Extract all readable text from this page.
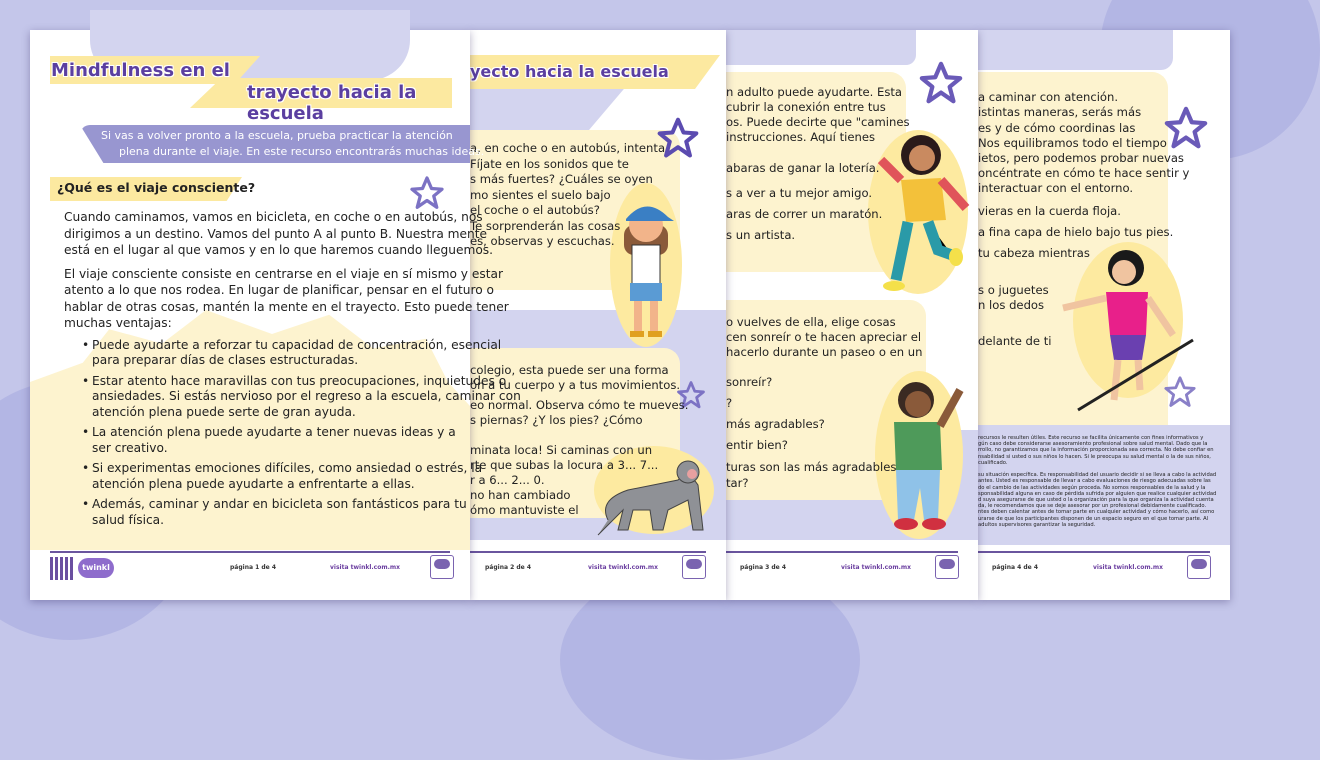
Mindfulness en el
trayecto hacia la escuela
Si vas a volver pronto a la escuela, prueba practicar la atención
plena durante el viaje. En este recurso encontrarás muchas ideas.
¿Qué es el viaje consciente?
Cuando caminamos, vamos en bicicleta, en coche o en autobús, nos
dirigimos a un destino. Vamos del punto A al punto B. Nuestra mente
está en el lugar al que vamos y en lo que haremos cuando lleguemos.
El viaje consciente consiste en centrarse en el viaje en sí mismo y estar
atento a lo que nos rodea. En lugar de planificar, pensar en el futuro o
hablar de otras cosas, mantén la mente en el trayecto. Esto puede tener
muchas ventajas:
• Puede ayudarte a reforzar tu capacidad de concentración, esencial
para preparar días de clases estructuradas.
• Estar atento hace maravillas con tus preocupaciones, inquietudes o
ansiedades. Si estás nervioso por el regreso a la escuela, caminar con
atención plena puede serte de gran ayuda.
• La atención plena puede ayudarte a tener nuevas ideas y a
ser creativo.
• Si experimentas emociones difíciles, como ansiedad o estrés, la
atención plena puede ayudarte a enfrentarte a ellas.
• Además, caminar y andar en bicicleta son fantásticos para tu
salud física.
twinkl	página 1 de 4	visita twinkl.com.mx
yecto hacia la escuela
a, en coche o en autobús, intenta
Fíjate en los sonidos que te
s más fuertes? ¿Cuáles se oyen
mo sientes el suelo bajo
el coche o el autobús?
Te sorprenderán las cosas
es, observas y escuchas.
colegio, esta puede ser una forma
ón a tu cuerpo y a tus movimientos.
eo normal. Observa cómo te mueves.
s piernas? ¿Y los pies? ¿Cómo
minata loca! Si caminas con un
rte que subas la locura a 3... 7...
r a 6... 2... 0.
no han cambiado
ómo mantuviste el
página 2 de 4	visita twinkl.com.mx
n adulto puede ayudarte. Esta
cubrir la conexión entre tus
os. Puede decirte que "camines
instrucciones. Aquí tienes
abaras de ganar la lotería.
s a ver a tu mejor amigo.
aras de correr un maratón.
s un artista.
o vuelves de ella, elige cosas
cen sonreír o te hacen apreciar el
hacerlo durante un paseo o en un
sonreír?
?
más agradables?
entir bien?
turas son las más agradables
tar?
página 3 de 4	visita twinkl.com.mx
a caminar con atención.
istintas maneras, serás más
es y de cómo coordinas las
Nos equilibramos todo el tiempo
ietos, pero podemos probar nuevas
oncéntrate en cómo te hace sentir y
interactuar con el entorno.
vieras en la cuerda floja.
a fina capa de hielo bajo tus pies.
tu cabeza mientras
s o juguetes
n los dedos
delante de ti
recursos le resulten útiles. Este recurso se facilita únicamente con fines informativos y
gún caso debe considerarse asesoramiento profesional sobre salud mental. Dado que la
rrollo, no garantizamos que la información proporcionada sea correcta. No debe confiar en
nsabilidad si usted o sus niños lo hacen. Si le preocupa su salud mental o la de sus niños,
cualificado.
su situación específica. Es responsabilidad del usuario decidir si se lleva a cabo la actividad
antes. Usted es responsable de llevar a cabo evaluaciones de riesgo adecuadas sobre las
do el cambio de las actividades según proceda. No somos responsables de la salud y la
sponsabilidad alguna en caso de pérdida sufrida por alguien que realice cualquier actividad
d suya asegurarse de que usted o la organización para la que organiza la actividad cuenta
da, le recomendamos que se deje asesorar por un profesional debidamente cualificado.
ntes deben calentar antes de tomar parte en cualquier actividad y cómo hacerlo, así como
urarse de que los participantes disponen de un espacio seguro en el que tomar parte. Al
adultos supervisores garantizar la seguridad.
página 4 de 4	visita twinkl.com.mx
